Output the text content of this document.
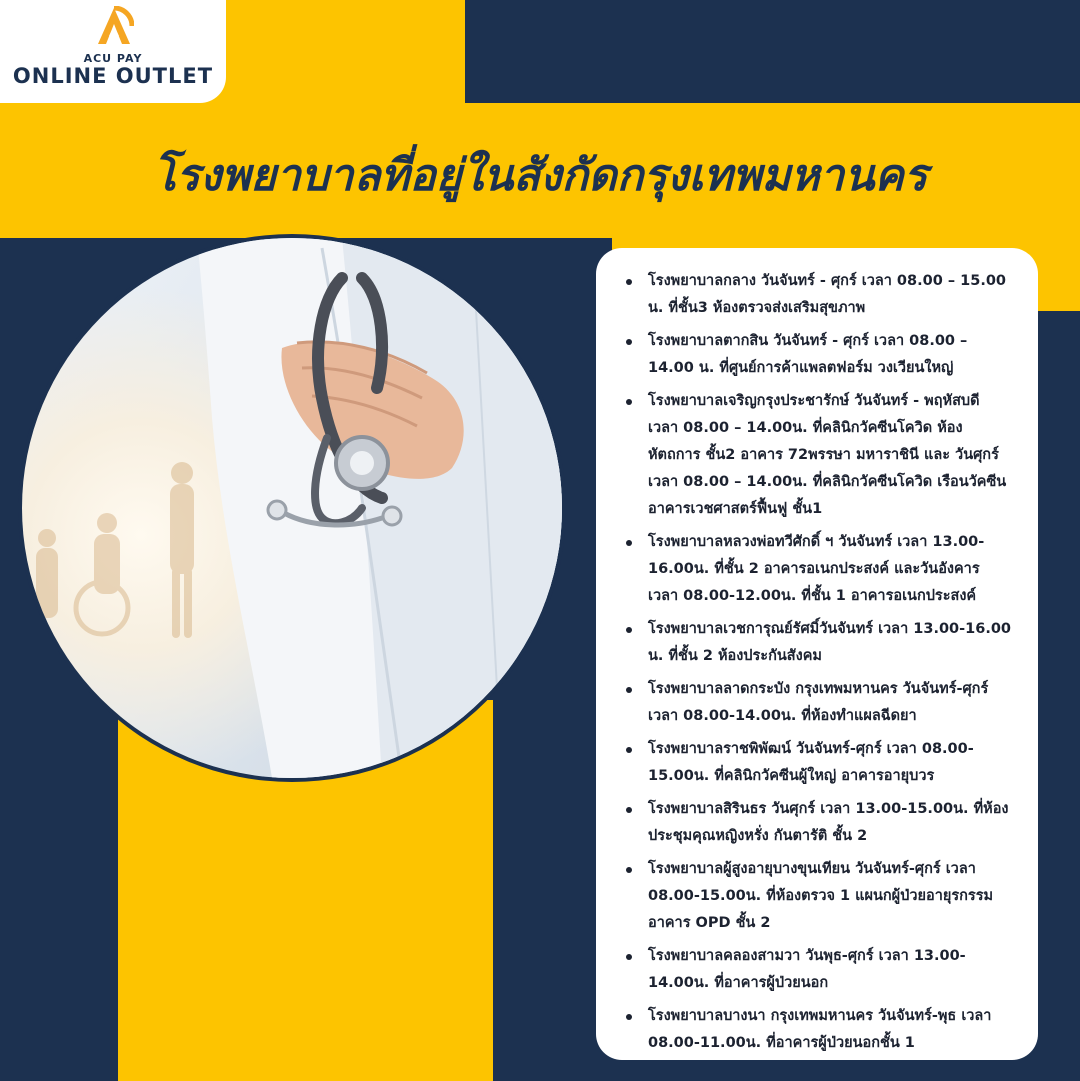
ACU PAY
ONLINE OUTLET
โรงพยาบาลที่อยู่ในสังกัดกรุงเทพมหานคร
โรงพยาบาลกลาง วันจันทร์ - ศุกร์ เวลา 08.00 – 15.00 น. ที่ชั้น3 ห้องตรวจส่งเสริมสุขภาพ
โรงพยาบาลตากสิน วันจันทร์ - ศุกร์ เวลา 08.00 – 14.00 น. ที่ศูนย์การค้าแพลตฟอร์ม วงเวียนใหญ่
โรงพยาบาลเจริญกรุงประชารักษ์ วันจันทร์ - พฤหัสบดี เวลา 08.00 – 14.00น. ที่คลินิกวัคซีนโควิด ห้องหัตถการ ชั้น2 อาคาร 72พรรษา มหาราชินี และ วันศุกร์ เวลา 08.00 – 14.00น. ที่คลินิกวัคซีนโควิด เรือนวัคซีน อาคารเวชศาสตร์ฟื้นฟู ชั้น1
โรงพยาบาลหลวงพ่อทวีศักดิ์ ฯ วันจันทร์ เวลา 13.00-16.00น. ที่ชั้น 2 อาคารอเนกประสงค์ และวันอังคาร เวลา 08.00-12.00น. ที่ชั้น 1 อาคารอเนกประสงค์
โรงพยาบาลเวชการุณย์รัศมิ์วันจันทร์ เวลา 13.00-16.00 น. ที่ชั้น 2 ห้องประกันสังคม
โรงพยาบาลลาดกระบัง กรุงเทพมหานคร วันจันทร์-ศุกร์ เวลา 08.00-14.00น. ที่ห้องทำแผลฉีดยา
โรงพยาบาลราชพิพัฒน์ วันจันทร์-ศุกร์ เวลา 08.00-15.00น. ที่คลินิกวัคซีนผู้ใหญ่ อาคารอายุบวร
โรงพยาบาลสิรินธร วันศุกร์ เวลา 13.00-15.00น. ที่ห้องประชุมคุณหญิงหรั่ง กันตารัติ ชั้น 2
โรงพยาบาลผู้สูงอายุบางขุนเทียน วันจันทร์-ศุกร์ เวลา 08.00-15.00น. ที่ห้องตรวจ 1 แผนกผู้ป่วยอายุรกรรม อาคาร OPD ชั้น 2
โรงพยาบาลคลองสามวา วันพุธ-ศุกร์ เวลา 13.00-14.00น. ที่อาคารผู้ป่วยนอก
โรงพยาบาลบางนา กรุงเทพมหานคร วันจันทร์-พุธ เวลา 08.00-11.00น. ที่อาคารผู้ป่วยนอกชั้น 1
